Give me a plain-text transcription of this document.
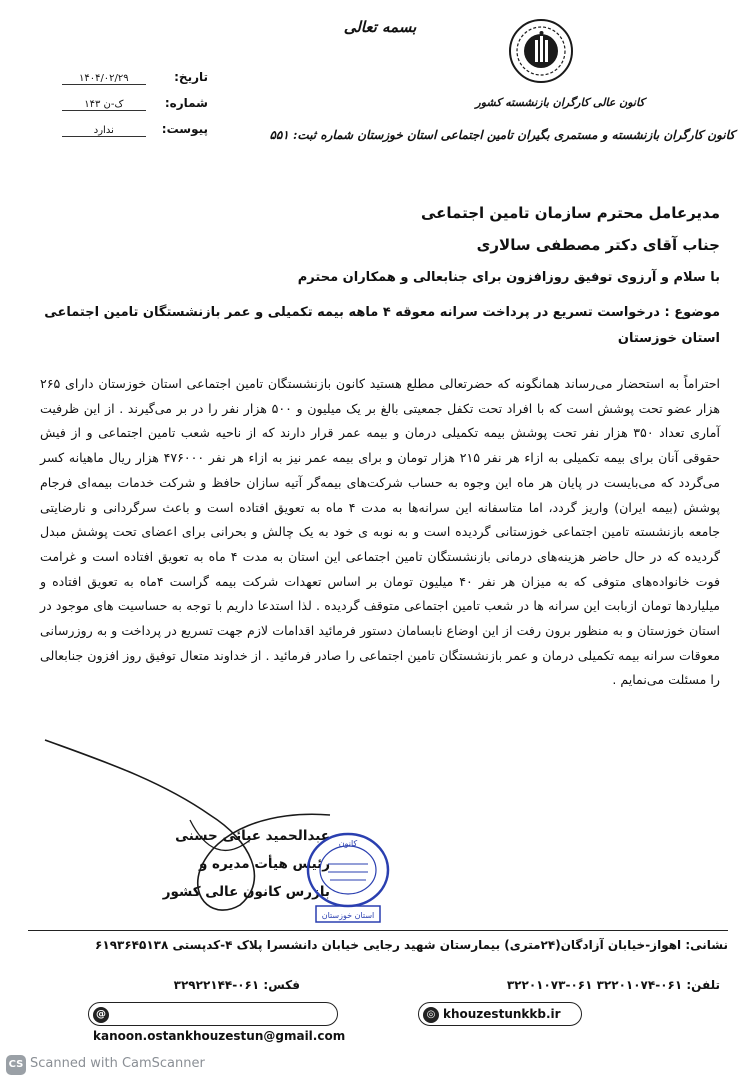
بسمه تعالی
کانون عالی کارگران بازنشسته کشور
کانون کارگران بازنشسته و مستمری بگیران تامین اجتماعی استان خوزستان شماره ثبت: ۵۵۱
تاریخ: ۱۴۰۴/۰۲/۲۹
شماره: ک-ن ۱۴۳
پیوست: ندارد
مدیرعامل محترم سازمان تامین اجتماعی
جناب آقای دکتر مصطفی سالاری
با سلام و آرزوی توفیق روزافزون برای جنابعالی و همکاران محترم
موضوع : درخواست تسریع در پرداخت سرانه معوقه ۴ ماهه بیمه تکمیلی و عمر بازنشستگان تامین اجتماعی استان خوزستان
احتراماً به استحضار می‌رساند همانگونه که حضرتعالی مطلع هستید کانون بازنشستگان تامین اجتماعی استان خوزستان دارای ۲۶۵ هزار عضو تحت پوشش است که با افراد تحت تکفل جمعیتی بالغ بر یک میلیون و ۵۰۰ هزار نفر را در بر می‌گیرند . از این ظرفیت آماری تعداد ۳۵۰ هزار نفر تحت پوشش بیمه تکمیلی درمان و بیمه عمر قرار دارند که از ناحیه شعب تامین اجتماعی و از فیش حقوقی آنان برای بیمه تکمیلی به ازاء هر نفر ۲۱۵ هزار تومان و برای بیمه عمر نیز به ازاء هر نفر ۴۷۶۰۰۰ هزار ریال ماهیانه کسر می‌گردد که می‌بایست در پایان هر ماه این وجوه به حساب شرکت‌های بیمه‌گر آتیه سازان حافظ و شرکت خدمات بیمه‌ای فرجام پوشش (بیمه ایران) واریز گردد، اما متاسفانه این سرانه‌ها به مدت ۴ ماه به تعویق افتاده است و باعث سرگردانی و نارضایتی جامعه بازنشسته تامین اجتماعی خوزستانی گردیده است و به نوبه ی خود به یک چالش و بحرانی برای اعضای تحت پوشش مبدل گردیده که در حال حاضر هزینه‌های درمانی بازنشستگان تامین اجتماعی این استان به مدت ۴ ماه به تعویق افتاده است و غرامت فوت خانواده‌های متوفی که به میزان هر نفر ۴۰ میلیون تومان بر اساس تعهدات شرکت بیمه گراست ۴ماه به تعویق افتاده و میلیاردها تومان ازبابت این سرانه ها در شعب تامین اجتماعی متوقف گردیده . لذا استدعا داریم با توجه به حساسیت های موجود در استان خوزستان و به منظور برون رفت از این اوضاع نابسامان دستور فرمائید اقدامات لازم جهت تسریع در پرداخت و به روزرسانی معوقات سرانه بیمه تکمیلی درمان و عمر بازنشستگان تامین اجتماعی را صادر فرمائید . از خداوند متعال توفیق روز افزون جنابعالی را مسئلت می‌نمایم .
عبدالحمید عبائی حسنی
رئیس هیأت مدیره و
بازرس کانون عالی کشور
کانون
استان خوزستان
نشانی: اهواز-خیابان آزادگان(۲۴متری) بیمارستان شهید رجایی خیابان دانشسرا پلاک ۴-کدپستی ۶۱۹۳۶۴۵۱۳۸
فکس: ۰۶۱-۳۲۹۲۲۱۴۴	تلفن: ۰۶۱-۳۲۲۰۱۰۷۴ ۰۶۱-۳۲۲۰۱۰۷۳
@kanoon.ostankhouzestun@gmail.com
◎ khouzestunkkb.ir
CS Scanned with CamScanner
